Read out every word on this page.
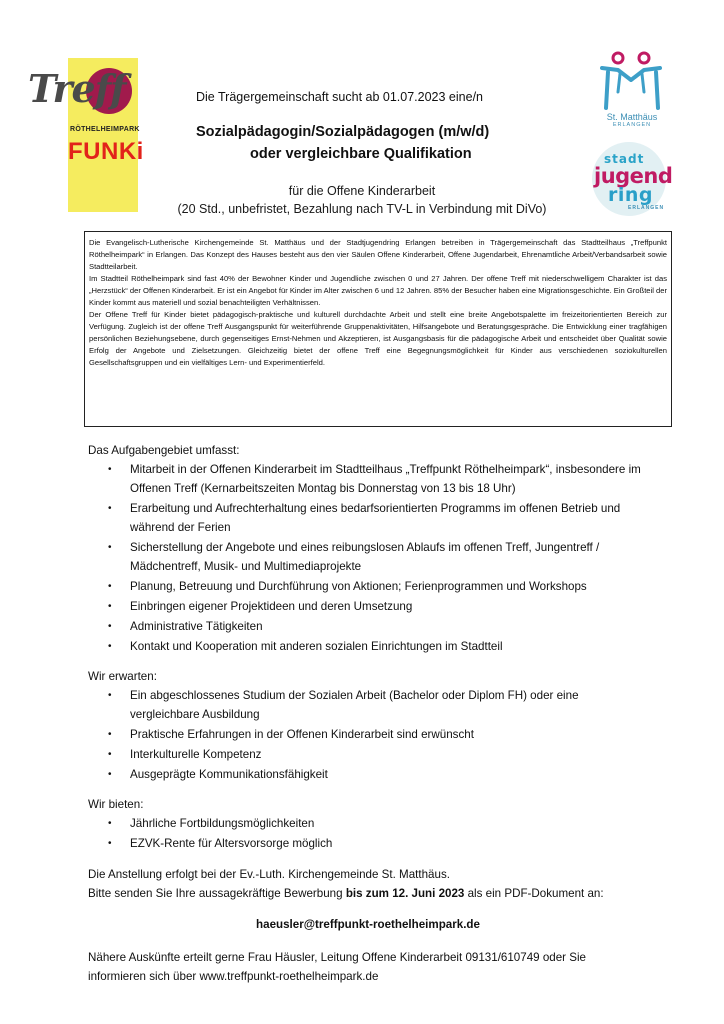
Treff
RÖTHELHEIMPARK
FUNKi
St. Matthäus
ERLANGEN
stadt
jugend
ring
ERLANGEN
Die Trägergemeinschaft sucht ab 01.07.2023 eine/n
Sozialpädagogin/Sozialpädagogen (m/w/d)
oder vergleichbare Qualifikation
für die Offene Kinderarbeit
(20 Std., unbefristet, Bezahlung nach TV-L in Verbindung mit DiVo)

Die Evangelisch-Lutherische Kirchengemeinde St. Matthäus und der Stadtjugendring Erlangen betreiben in Trägergemeinschaft das Stadtteilhaus „Treffpunkt Röthelheimpark“ in Erlangen. Das Konzept des Hauses besteht aus den vier Säulen Offene Kinderarbeit, Offene Jugendarbeit, Ehrenamtliche Arbeit/Verbandsarbeit sowie Stadtteilarbeit.

Im Stadtteil Röthelheimpark sind fast 40% der Bewohner Kinder und Jugendliche zwischen 0 und 27 Jahren. Der offene Treff mit niederschwelligem Charakter ist das „Herzstück“ der Offenen Kinderarbeit. Er ist ein Angebot für Kinder im Alter zwischen 6 und 12 Jahren. 85% der Besucher haben eine Migrationsgeschichte. Ein Großteil der Kinder kommt aus materiell und sozial benachteiligten Verhältnissen.

Der Offene Treff für Kinder bietet pädagogisch-praktische und kulturell durchdachte Arbeit und stellt eine breite Angebotspalette im freizeitorientierten Bereich zur Verfügung. Zugleich ist der offene Treff Ausgangspunkt für weiterführende Gruppenaktivitäten, Hilfsangebote und Beratungsgespräche. Die Entwicklung einer tragfähigen persönlichen Beziehungsebene, durch gegenseitiges Ernst-Nehmen und Akzeptieren, ist Ausgangsbasis für die pädagogische Arbeit und entscheidet über Qualität sowie Erfolg der Angebote und Zielsetzungen. Gleichzeitig bietet der offene Treff eine Begegnungsmöglichkeit für Kinder aus verschiedenen soziokulturellen Gesellschaftsgruppen und ein vielfältiges Lern- und Experimentierfeld.

Das Aufgabengebiet umfasst:
• Mitarbeit in der Offenen Kinderarbeit im Stadtteilhaus „Treffpunkt Röthelheimpark“, insbesondere im Offenen Treff (Kernarbeitszeiten Montag bis Donnerstag von 13 bis 18 Uhr)
• Erarbeitung und Aufrechterhaltung eines bedarfsorientierten Programms im offenen Betrieb und während der Ferien
• Sicherstellung der Angebote und eines reibungslosen Ablaufs im offenen Treff, Jungentreff / Mädchentreff, Musik- und Multimediaprojekte
• Planung, Betreuung und Durchführung von Aktionen; Ferienprogrammen und Workshops
• Einbringen eigener Projektideen und deren Umsetzung
• Administrative Tätigkeiten
• Kontakt und Kooperation mit anderen sozialen Einrichtungen im Stadtteil
Wir erwarten:
• Ein abgeschlossenes Studium der Sozialen Arbeit (Bachelor oder Diplom FH) oder eine vergleichbare Ausbildung
• Praktische Erfahrungen in der Offenen Kinderarbeit sind erwünscht
• Interkulturelle Kompetenz
• Ausgeprägte Kommunikationsfähigkeit
Wir bieten:
• Jährliche Fortbildungsmöglichkeiten
• EZVK-Rente für Altersvorsorge möglich
Die Anstellung erfolgt bei der Ev.-Luth. Kirchengemeinde St. Matthäus.
Bitte senden Sie Ihre aussagekräftige Bewerbung bis zum 12. Juni 2023 als ein PDF-Dokument an:
haeusler@treffpunkt-roethelheimpark.de
Nähere Auskünfte erteilt gerne Frau Häusler, Leitung Offene Kinderarbeit 09131/610749 oder Sie
informieren sich über www.treffpunkt-roethelheimpark.de
